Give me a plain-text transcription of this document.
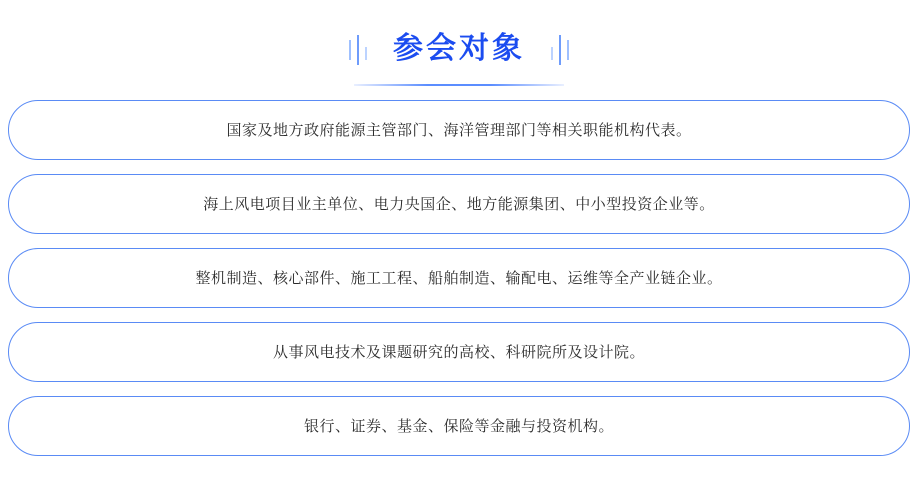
参会对象
国家及地方政府能源主管部门、海洋管理部门等相关职能机构代表。
海上风电项目业主单位、电力央国企、地方能源集团、中小型投资企业等。
整机制造、核心部件、施工工程、船舶制造、输配电、运维等全产业链企业。
从事风电技术及课题研究的高校、科研院所及设计院。
银行、证券、基金、保险等金融与投资机构。
